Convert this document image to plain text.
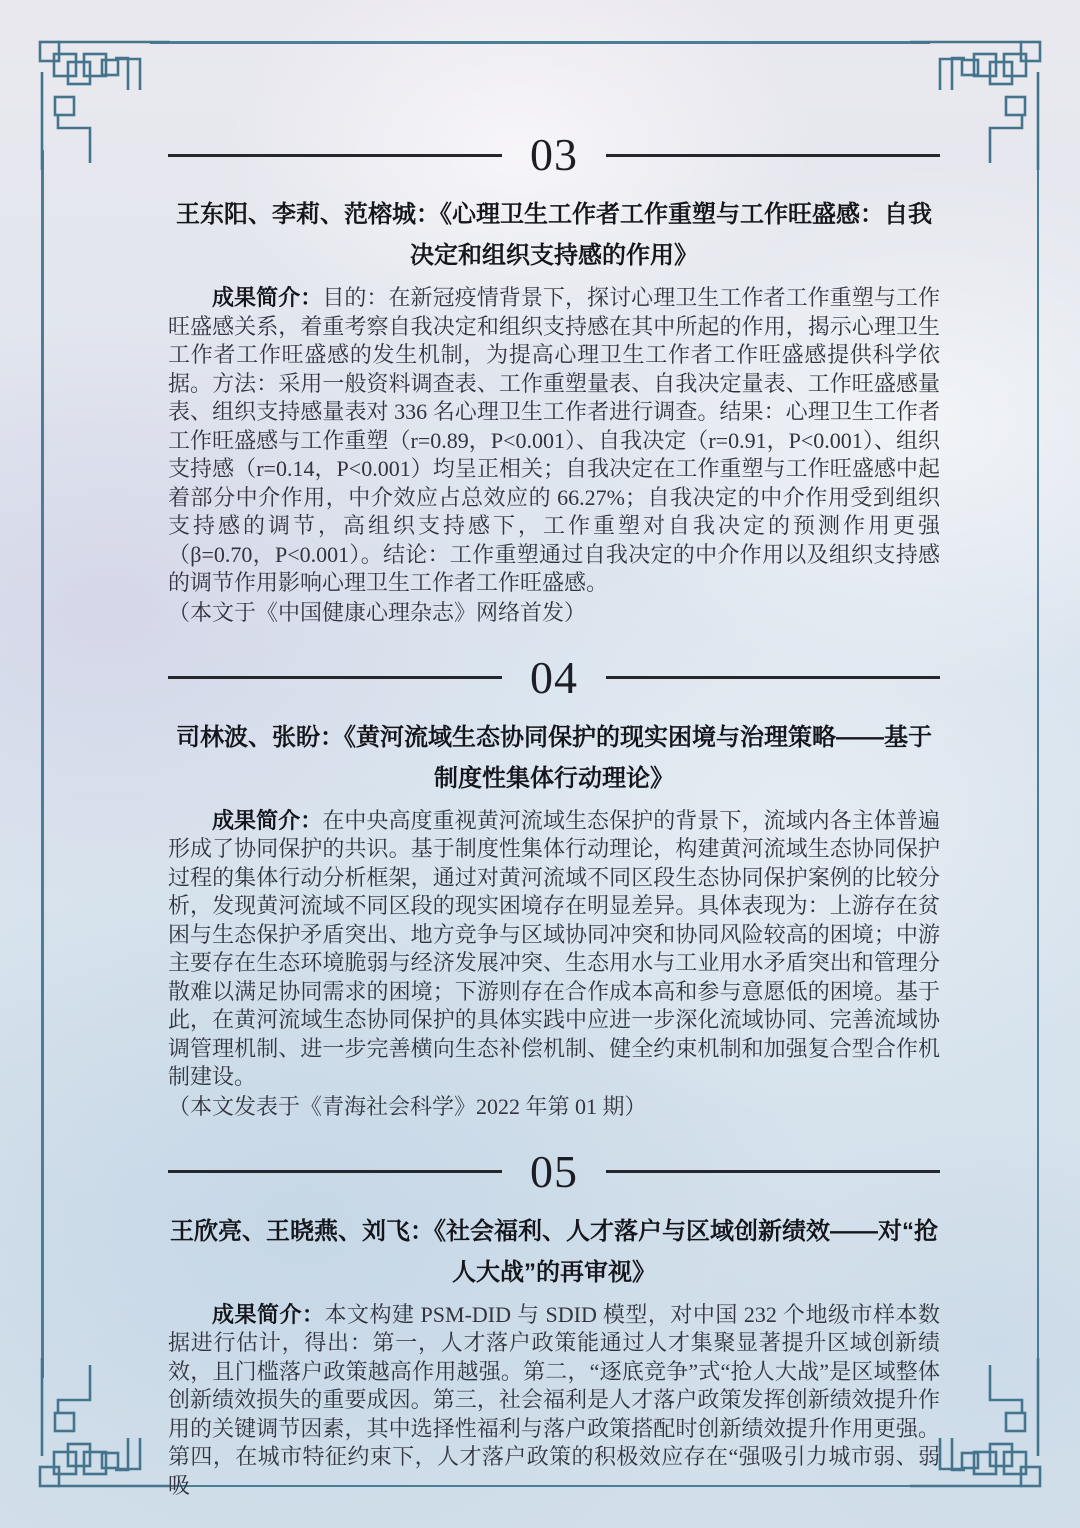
03
王东阳、李莉、范榕城：《心理卫生工作者工作重塑与工作旺盛感：自我决定和组织支持感的作用》

成果简介：目的：在新冠疫情背景下，探讨心理卫生工作者工作重塑与工作旺盛感关系，着重考察自我决定和组织支持感在其中所起的作用，揭示心理卫生工作者工作旺盛感的发生机制，为提高心理卫生工作者工作旺盛感提供科学依据。方法：采用一般资料调查表、工作重塑量表、自我决定量表、工作旺盛感量表、组织支持感量表对 336 名心理卫生工作者进行调查。结果：心理卫生工作者工作旺盛感与工作重塑（r=0.89，P<0.001）、自我决定（r=0.91，P<0.001）、组织支持感（r=0.14，P<0.001）均呈正相关；自我决定在工作重塑与工作旺盛感中起着部分中介作用，中介效应占总效应的 66.27%；自我决定的中介作用受到组织支持感的调节，高组织支持感下，工作重塑对自我决定的预测作用更强（β=0.70，P<0.001）。结论：工作重塑通过自我决定的中介作用以及组织支持感的调节作用影响心理卫生工作者工作旺盛感。

（本文于《中国健康心理杂志》网络首发）

04
司林波、张盼：《黄河流域生态协同保护的现实困境与治理策略——基于制度性集体行动理论》

成果简介：在中央高度重视黄河流域生态保护的背景下，流域内各主体普遍形成了协同保护的共识。基于制度性集体行动理论，构建黄河流域生态协同保护过程的集体行动分析框架，通过对黄河流域不同区段生态协同保护案例的比较分析，发现黄河流域不同区段的现实困境存在明显差异。具体表现为：上游存在贫困与生态保护矛盾突出、地方竞争与区域协同冲突和协同风险较高的困境；中游主要存在生态环境脆弱与经济发展冲突、生态用水与工业用水矛盾突出和管理分散难以满足协同需求的困境；下游则存在合作成本高和参与意愿低的困境。基于此，在黄河流域生态协同保护的具体实践中应进一步深化流域协同、完善流域协调管理机制、进一步完善横向生态补偿机制、健全约束机制和加强复合型合作机制建设。

（本文发表于《青海社会科学》2022 年第 01 期）

05
王欣亮、王晓燕、刘飞：《社会福利、人才落户与区域创新绩效——对“抢人大战”的再审视》

成果简介：本文构建 PSM-DID 与 SDID 模型，对中国 232 个地级市样本数据进行估计，得出：第一，人才落户政策能通过人才集聚显著提升区域创新绩效，且门槛落户政策越高作用越强。第二，“逐底竞争”式“抢人大战”是区域整体创新绩效损失的重要成因。第三，社会福利是人才落户政策发挥创新绩效提升作用的关键调节因素，其中选择性福利与落户政策搭配时创新绩效提升作用更强。第四，在城市特征约束下，人才落户政策的积极效应存在“强吸引力城市弱、弱吸
